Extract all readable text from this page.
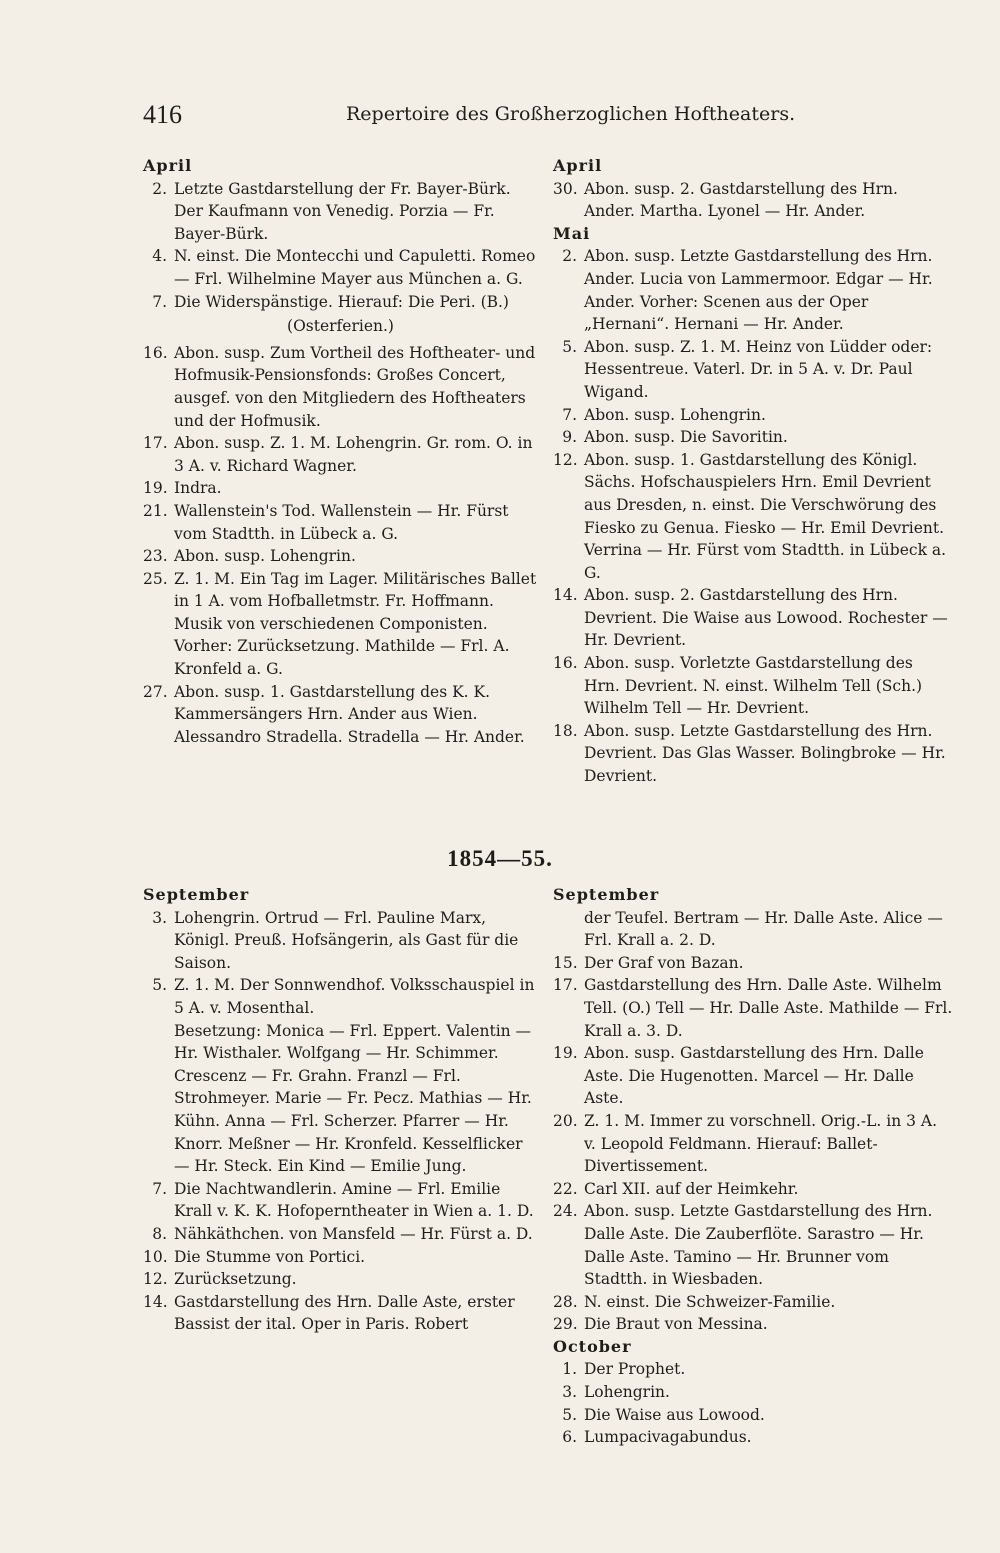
416	Repertoire des Großherzoglichen Hoftheaters.
April
2. Letzte Gastdarstellung der Fr. Bayer-Bürk. Der Kaufmann von Venedig. Porzia — Fr. Bayer-Bürk.
4. N. einst. Die Montecchi und Capuletti. Romeo — Frl. Wilhelmine Mayer aus München a. G.
7. Die Widerspänstige. Hierauf: Die Peri. (B.)
(Osterferien.)
16. Abon. susp. Zum Vortheil des Hoftheater- und Hofmusik-Pensionsfonds: Großes Concert, ausgef. von den Mitgliedern des Hoftheaters und der Hofmusik.
17. Abon. susp. Z. 1. M. Lohengrin. Gr. rom. O. in 3 A. v. Richard Wagner.
19. Indra.
21. Wallenstein's Tod. Wallenstein — Hr. Fürst vom Stadtth. in Lübeck a. G.
23. Abon. susp. Lohengrin.
25. Z. 1. M. Ein Tag im Lager. Militärisches Ballet in 1 A. vom Hofballetmstr. Fr. Hoffmann. Musik von verschiedenen Componisten. Vorher: Zurücksetzung. Mathilde — Frl. A. Kronfeld a. G.
27. Abon. susp. 1. Gastdarstellung des K. K. Kammersängers Hrn. Ander aus Wien. Alessandro Stradella. Stradella — Hr. Ander.
April
30. Abon. susp. 2. Gastdarstellung des Hrn. Ander. Martha. Lyonel — Hr. Ander.
Mai
2. Abon. susp. Letzte Gastdarstellung des Hrn. Ander. Lucia von Lammermoor. Edgar — Hr. Ander. Vorher: Scenen aus der Oper „Hernani“. Hernani — Hr. Ander.
5. Abon. susp. Z. 1. M. Heinz von Lüdder oder: Hessentreue. Vaterl. Dr. in 5 A. v. Dr. Paul Wigand.
7. Abon. susp. Lohengrin.
9. Abon. susp. Die Savoritin.
12. Abon. susp. 1. Gastdarstellung des Königl. Sächs. Hofschauspielers Hrn. Emil Devrient aus Dresden, n. einst. Die Verschwörung des Fiesko zu Genua. Fiesko — Hr. Emil Devrient. Verrina — Hr. Fürst vom Stadtth. in Lübeck a. G.
14. Abon. susp. 2. Gastdarstellung des Hrn. Devrient. Die Waise aus Lowood. Rochester — Hr. Devrient.
16. Abon. susp. Vorletzte Gastdarstellung des Hrn. Devrient. N. einst. Wilhelm Tell (Sch.) Wilhelm Tell — Hr. Devrient.
18. Abon. susp. Letzte Gastdarstellung des Hrn. Devrient. Das Glas Wasser. Bolingbroke — Hr. Devrient.
1854—55.
September
3. Lohengrin. Ortrud — Frl. Pauline Marx, Königl. Preuß. Hofsängerin, als Gast für die Saison.
5. Z. 1. M. Der Sonnwendhof. Volksschauspiel in 5 A. v. Mosenthal.
Besetzung: Monica — Frl. Eppert. Valentin — Hr. Wisthaler. Wolfgang — Hr. Schimmer. Crescenz — Fr. Grahn. Franzl — Frl. Strohmeyer. Marie — Fr. Pecz. Mathias — Hr. Kühn. Anna — Frl. Scherzer. Pfarrer — Hr. Knorr. Meßner — Hr. Kronfeld. Kesselflicker — Hr. Steck. Ein Kind — Emilie Jung.
7. Die Nachtwandlerin. Amine — Frl. Emilie Krall v. K. K. Hofoperntheater in Wien a. 1. D.
8. Nähkäthchen. von Mansfeld — Hr. Fürst a. D.
10. Die Stumme von Portici.
12. Zurücksetzung.
14. Gastdarstellung des Hrn. Dalle Aste, erster Bassist der ital. Oper in Paris. Robert
September
der Teufel. Bertram — Hr. Dalle Aste. Alice — Frl. Krall a. 2. D.
15. Der Graf von Bazan.
17. Gastdarstellung des Hrn. Dalle Aste. Wilhelm Tell. (O.) Tell — Hr. Dalle Aste. Mathilde — Frl. Krall a. 3. D.
19. Abon. susp. Gastdarstellung des Hrn. Dalle Aste. Die Hugenotten. Marcel — Hr. Dalle Aste.
20. Z. 1. M. Immer zu vorschnell. Orig.-L. in 3 A. v. Leopold Feldmann. Hierauf: Ballet-Divertissement.
22. Carl XII. auf der Heimkehr.
24. Abon. susp. Letzte Gastdarstellung des Hrn. Dalle Aste. Die Zauberflöte. Sarastro — Hr. Dalle Aste. Tamino — Hr. Brunner vom Stadtth. in Wiesbaden.
28. N. einst. Die Schweizer-Familie.
29. Die Braut von Messina.
October
1. Der Prophet.
3. Lohengrin.
5. Die Waise aus Lowood.
6. Lumpacivagabundus.
